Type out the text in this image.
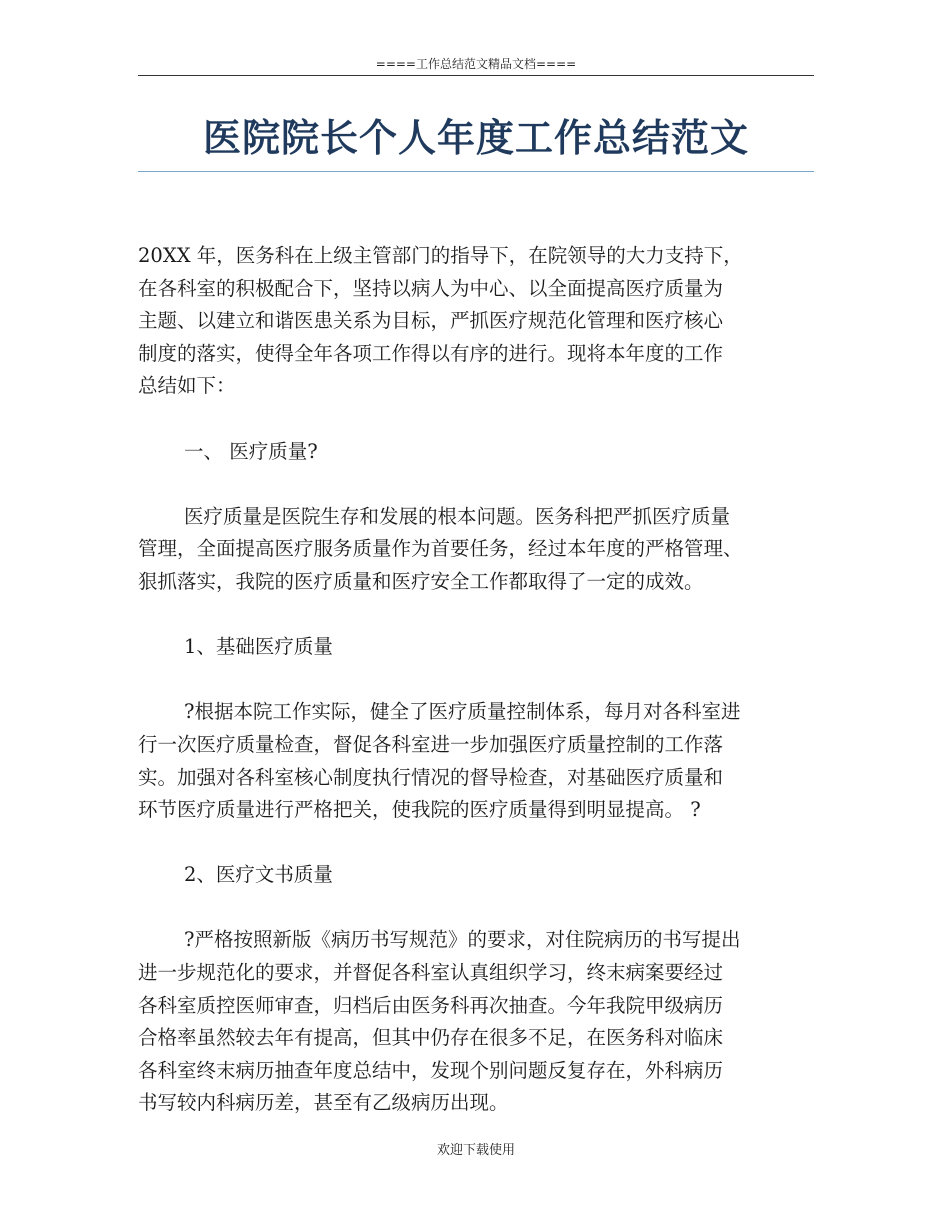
====工作总结范文精品文档====
医院院长个人年度工作总结范文
20XX 年，医务科在上级主管部门的指导下，在院领导的大力支持下，
在各科室的积极配合下，坚持以病人为中心、以全面提高医疗质量为
主题、以建立和谐医患关系为目标，严抓医疗规范化管理和医疗核心
制度的落实，使得全年各项工作得以有序的进行。现将本年度的工作
总结如下：
一、 医疗质量?
医疗质量是医院生存和发展的根本问题。医务科把严抓医疗质量
管理，全面提高医疗服务质量作为首要任务，经过本年度的严格管理、
狠抓落实，我院的医疗质量和医疗安全工作都取得了一定的成效。
1、基础医疗质量
?根据本院工作实际，健全了医疗质量控制体系，每月对各科室进
行一次医疗质量检查，督促各科室进一步加强医疗质量控制的工作落
实。加强对各科室核心制度执行情况的督导检查，对基础医疗质量和
环节医疗质量进行严格把关，使我院的医疗质量得到明显提高。 ?
2、医疗文书质量
?严格按照新版《病历书写规范》的要求，对住院病历的书写提出
进一步规范化的要求，并督促各科室认真组织学习，终末病案要经过
各科室质控医师审查，归档后由医务科再次抽查。今年我院甲级病历
合格率虽然较去年有提高，但其中仍存在很多不足，在医务科对临床
各科室终末病历抽查年度总结中，发现个别问题反复存在，外科病历
书写较内科病历差，甚至有乙级病历出现。
欢迎下载使用
